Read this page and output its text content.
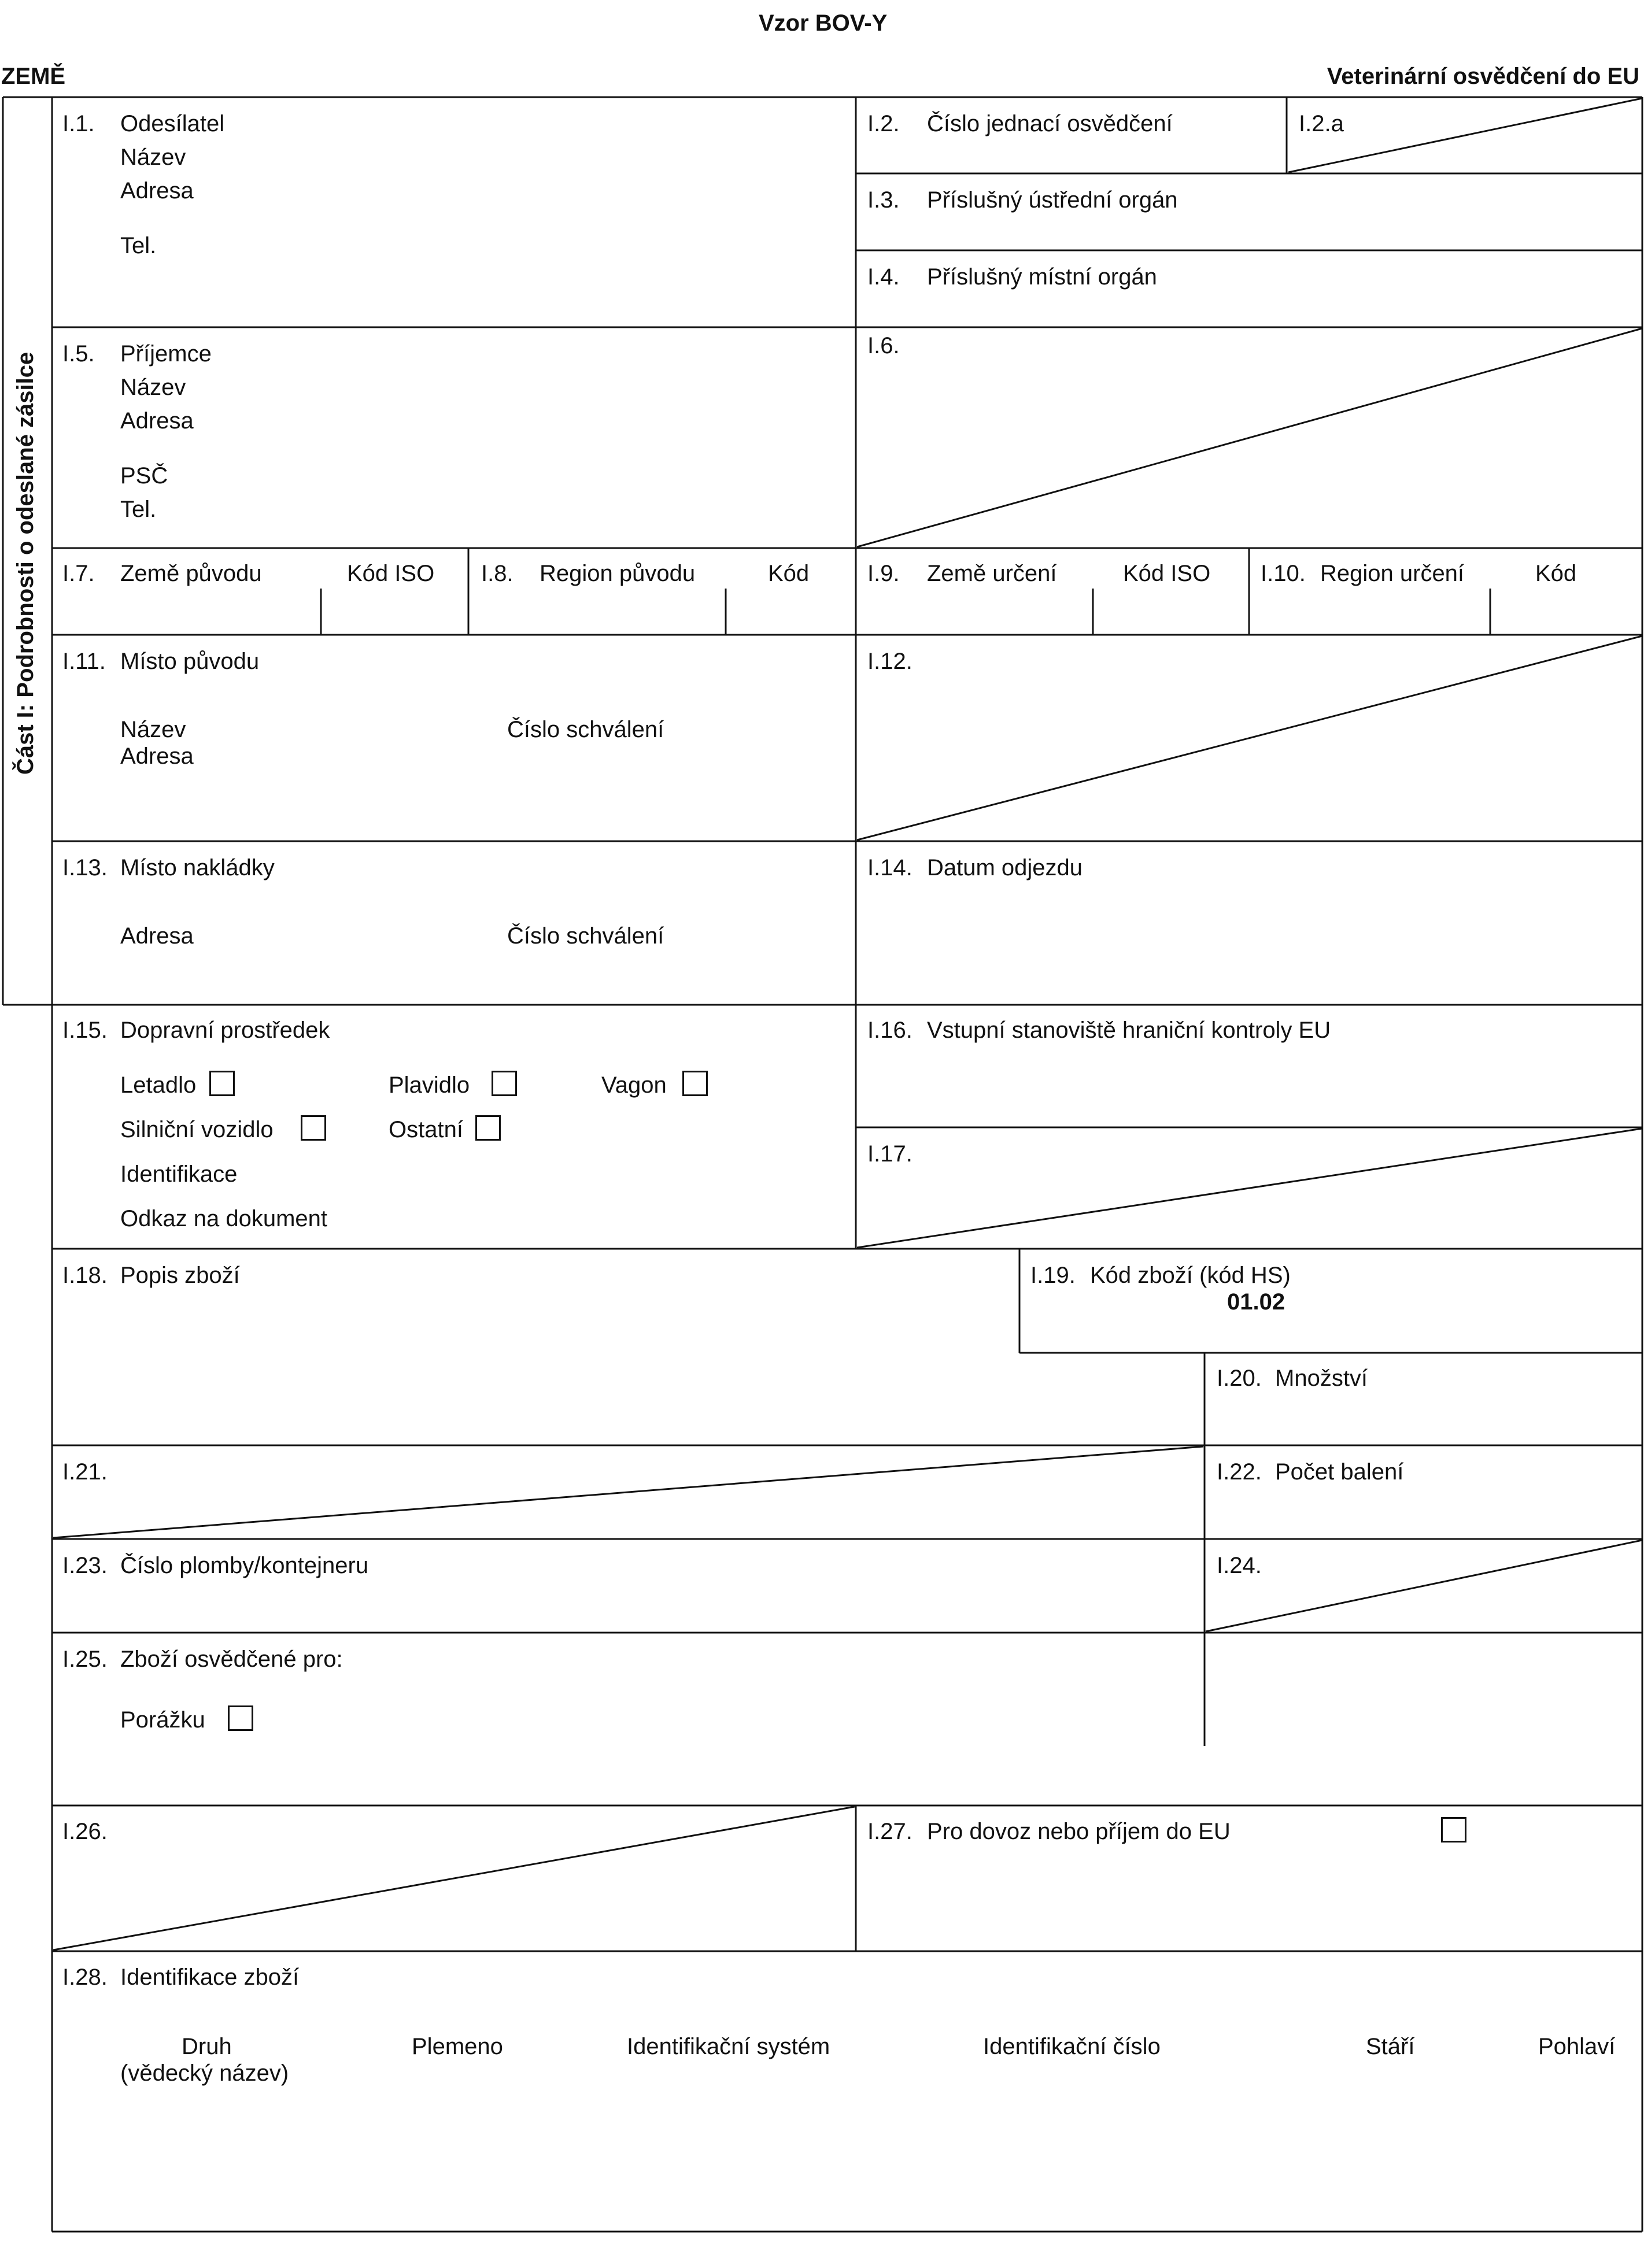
Vzor BOV-Y
ZEMĚ	Veterinární osvědčení do EU
Část I: Podrobnosti o odeslané zásilce
I.1. Odesílatel
Název
Adresa
Tel.
I.2. Číslo jednací osvědčení	I.2.a
I.3. Příslušný ústřední orgán
I.4. Příslušný místní orgán
I.5. Příjemce
Název
Adresa
PSČ
Tel.
I.6.
I.7. Země původu	Kód ISO I.8. Region původu	Kód	I.9. Země určení	Kód ISO I.10. Region určení	Kód
I.11. Místo původu
Název	Číslo schválení
Adresa
I.12.
I.13. Místo nakládky
Adresa	Číslo schválení
I.14. Datum odjezdu
I.15. Dopravní prostředek
Letadlo	Plavidlo	Vagon
Silniční vozidlo	Ostatní
Identifikace
Odkaz na dokument
I.16. Vstupní stanoviště hraniční kontroly EU
I.17.
I.18. Popis zboží	I.19. Kód zboží (kód HS)
01.02
I.20. Množství
I.21.	I.22. Počet balení
I.23. Číslo plomby/kontejneru	I.24.
I.25. Zboží osvědčené pro:
Porážku
I.26.	I.27. Pro dovoz nebo příjem do EU
I.28. Identifikace zboží
Druh
(vědecký název)
Plemeno	Identifikační systém	Identifikační číslo	Stáří	Pohlaví
